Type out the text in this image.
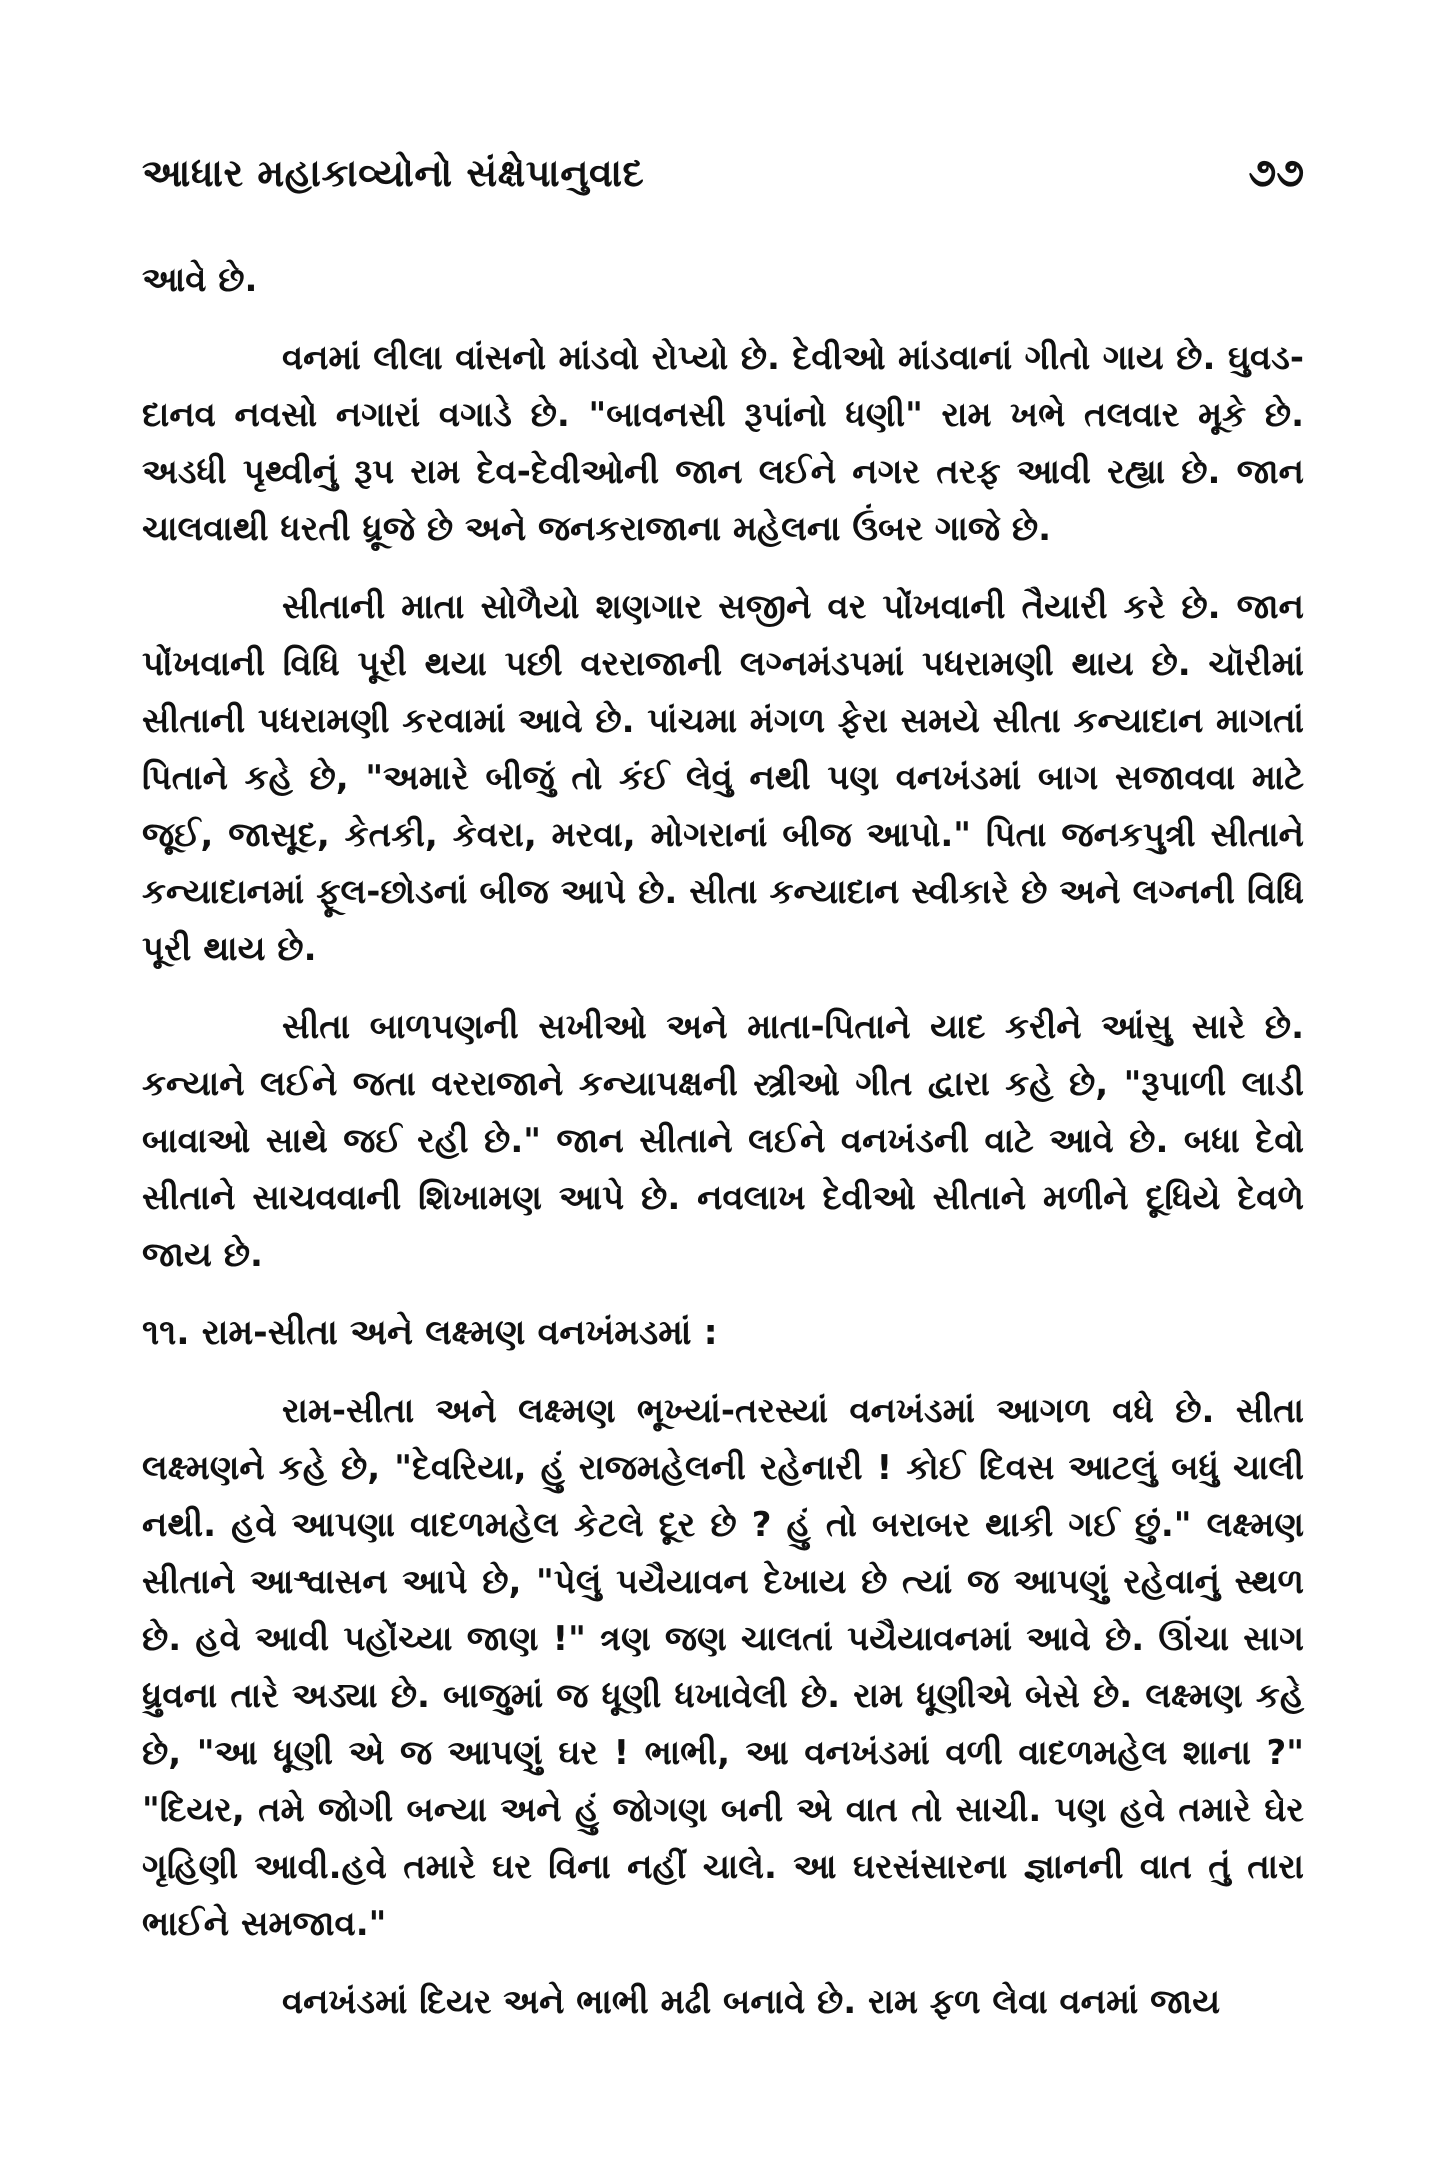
આધાર મહાકાવ્યોનો સંક્ષેપાનુવાદ	૭૭

આવે છે.

વનમાં લીલા વાંસનો માંડવો રોપ્યો છે. દેવીઓ માંડવાનાં ગીતો ગાય છે. ઘુવડ-દાનવ નવસો નગારાં વગાડે છે. "બાવનસી રૂપાંનો ધણી" રામ ખભે તલવાર મૂકે છે. અડધી પૃથ્વીનું રૂપ રામ દેવ-દેવીઓની જાન લઈને નગર તરફ આવી રહ્યા છે. જાન ચાલવાથી ધરતી ધ્રૂજે છે અને જનકરાજાના મહેલના ઉંબર ગાજે છે.

સીતાની માતા સોળૈયો શણગાર સજીને વર પોંખવાની તૈયારી કરે છે. જાન પોંખવાની વિધિ પૂરી થયા પછી વરરાજાની લગ્નમંડપમાં પધરામણી થાય છે. ચૉરીમાં સીતાની પધરામણી કરવામાં આવે છે. પાંચમા મંગળ ફેરા સમયે સીતા કન્યાદાન માગતાં પિતાને કહે છે, "અમારે બીજું તો કંઈ લેવું નથી પણ વનખંડમાં બાગ સજાવવા માટે જૂઈ, જાસૂદ, કેતકી, કેવરા, મરવા, મોગરાનાં બીજ આપો." પિતા જનકપુત્રી સીતાને કન્યાદાનમાં ફૂલ-છોડનાં બીજ આપે છે. સીતા કન્યાદાન સ્વીકારે છે અને લગ્નની વિધિ પૂરી થાય છે.

સીતા બાળપણની સખીઓ અને માતા-પિતાને યાદ કરીને આંસુ સારે છે. કન્યાને લઈને જતા વરરાજાને કન્યાપક્ષની સ્ત્રીઓ ગીત દ્વારા કહે છે, "રૂપાળી લાડી બાવાઓ સાથે જઈ રહી છે." જાન સીતાને લઈને વનખંડની વાટે આવે છે. બધા દેવો સીતાને સાચવવાની શિખામણ આપે છે. નવલાખ દેવીઓ સીતાને મળીને દૂધિયે દેવળે જાય છે.

૧૧. રામ-સીતા અને લક્ષ્મણ વનખંમડમાં :

રામ-સીતા અને લક્ષ્મણ ભૂખ્યાં-તરસ્યાં વનખંડમાં આગળ વધે છે. સીતા લક્ષ્મણને કહે છે, "દેવરિયા, હું રાજમહેલની રહેનારી ! કોઈ દિવસ આટલું બધું ચાલી નથી. હવે આપણા વાદળમહેલ કેટલે દૂર છે ? હું તો બરાબર થાકી ગઈ છું." લક્ષ્મણ સીતાને આશ્વાસન આપે છે, "પેલું પયૈયાવન દેખાય છે ત્યાં જ આપણું રહેવાનું સ્થળ છે. હવે આવી પહોંચ્યા જાણ !" ત્રણ જણ ચાલતાં પયૈયાવનમાં આવે છે. ઊંચા સાગ ધ્રુવના તારે અડ્યા છે. બાજુમાં જ ધૂણી ધખાવેલી છે. રામ ધૂણીએ બેસે છે. લક્ષ્મણ કહે છે, "આ ધૂણી એ જ આપણું ઘર ! ભાભી, આ વનખંડમાં વળી વાદળમહેલ શાના ?" "દિયર, તમે જોગી બન્યા અને હું જોગણ બની એ વાત તો સાચી. પણ હવે તમારે ઘેર ગૃહિણી આવી.હવે તમારે ઘર વિના નહીં ચાલે. આ ઘરસંસારના જ્ઞાનની વાત તું તારા ભાઈને સમજાવ."

વનખંડમાં દિયર અને ભાભી મઢી બનાવે છે. રામ ફળ લેવા વનમાં જાય
